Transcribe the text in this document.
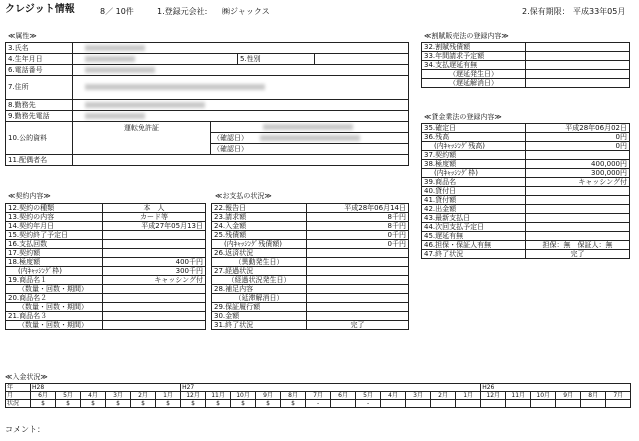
クレジット情報	8／ 10件	1.登録元会社: ㈱ジャックス	2.保有期限： 平成33年05月
≪属性≫
3.氏名				
4.生年月日			5.性別	
6.電話番号				
7.住所				
8.勤務先				
9.勤務先電話				
10.公的資料	運転免許証			
		（確認日）		
		（確認日）		
11.配偶者名				
≪割賦販売法の登録内容≫
32.割賦残債額	
33.年間請求予定額	
34.支払遅延有無	
（遅延発生日）	
（遅延解消日）	
≪貸金業法の登録内容≫
35.確定日	平成28年06月02日
36.残高	0円
(内ｷｬｯｼﾝｸﾞ残高)	0円
37.契約額	
38.極度額	400,000円
(内ｷｬｯｼﾝｸﾞ枠)	300,000円
39.商品名	キャッシング付
40.貸付日	
41.貸付額	
42.出金額	
43.最新支払日	
44.次回支払予定日	
45.遅延有無	
46.担保・保証人有無	担保：無　保証人：無
47.終了状況	完了
≪契約内容≫
12.契約の種類	本　人
13.契約の内容	カード等
14.契約年月日	平成27年05月13日
15.契約終了予定日	
16.支払回数	
17.契約額	
18.極度額	400千円
(内ｷｬｯｼﾝｸﾞ枠)	300千円
19.商品名１	キャッシング付
（数量・回数・期間）	
20.商品名２	
（数量・回数・期間）	
21.商品名３	
（数量・回数・期間）	
≪お支払の状況≫
22.報告日	平成28年06月14日
23.請求額	8千円
24.入金額	8千円
25.残債額	0千円
(内ｷｬｯｼﾝｸﾞ残債額)	0千円
26.返済状況	
（異動発生日）	
27.経過状況	
（経過状況発生日）	
28.補足内容	
（延滞解消日）	
29.保証履行額	
30.金額	
31.終了状況	完了
≪入金状況≫
年	H28						H27												H26					
月	6月	5月	4月	3月	2月	1月	12月	11月	10月	9月	8月	7月	6月	5月	4月	3月	2月	1月	12月	11月	10月	9月	8月	7月
状況	$	$	$	$	$	$	$	$	$	$	$	-		-										
コメント：
